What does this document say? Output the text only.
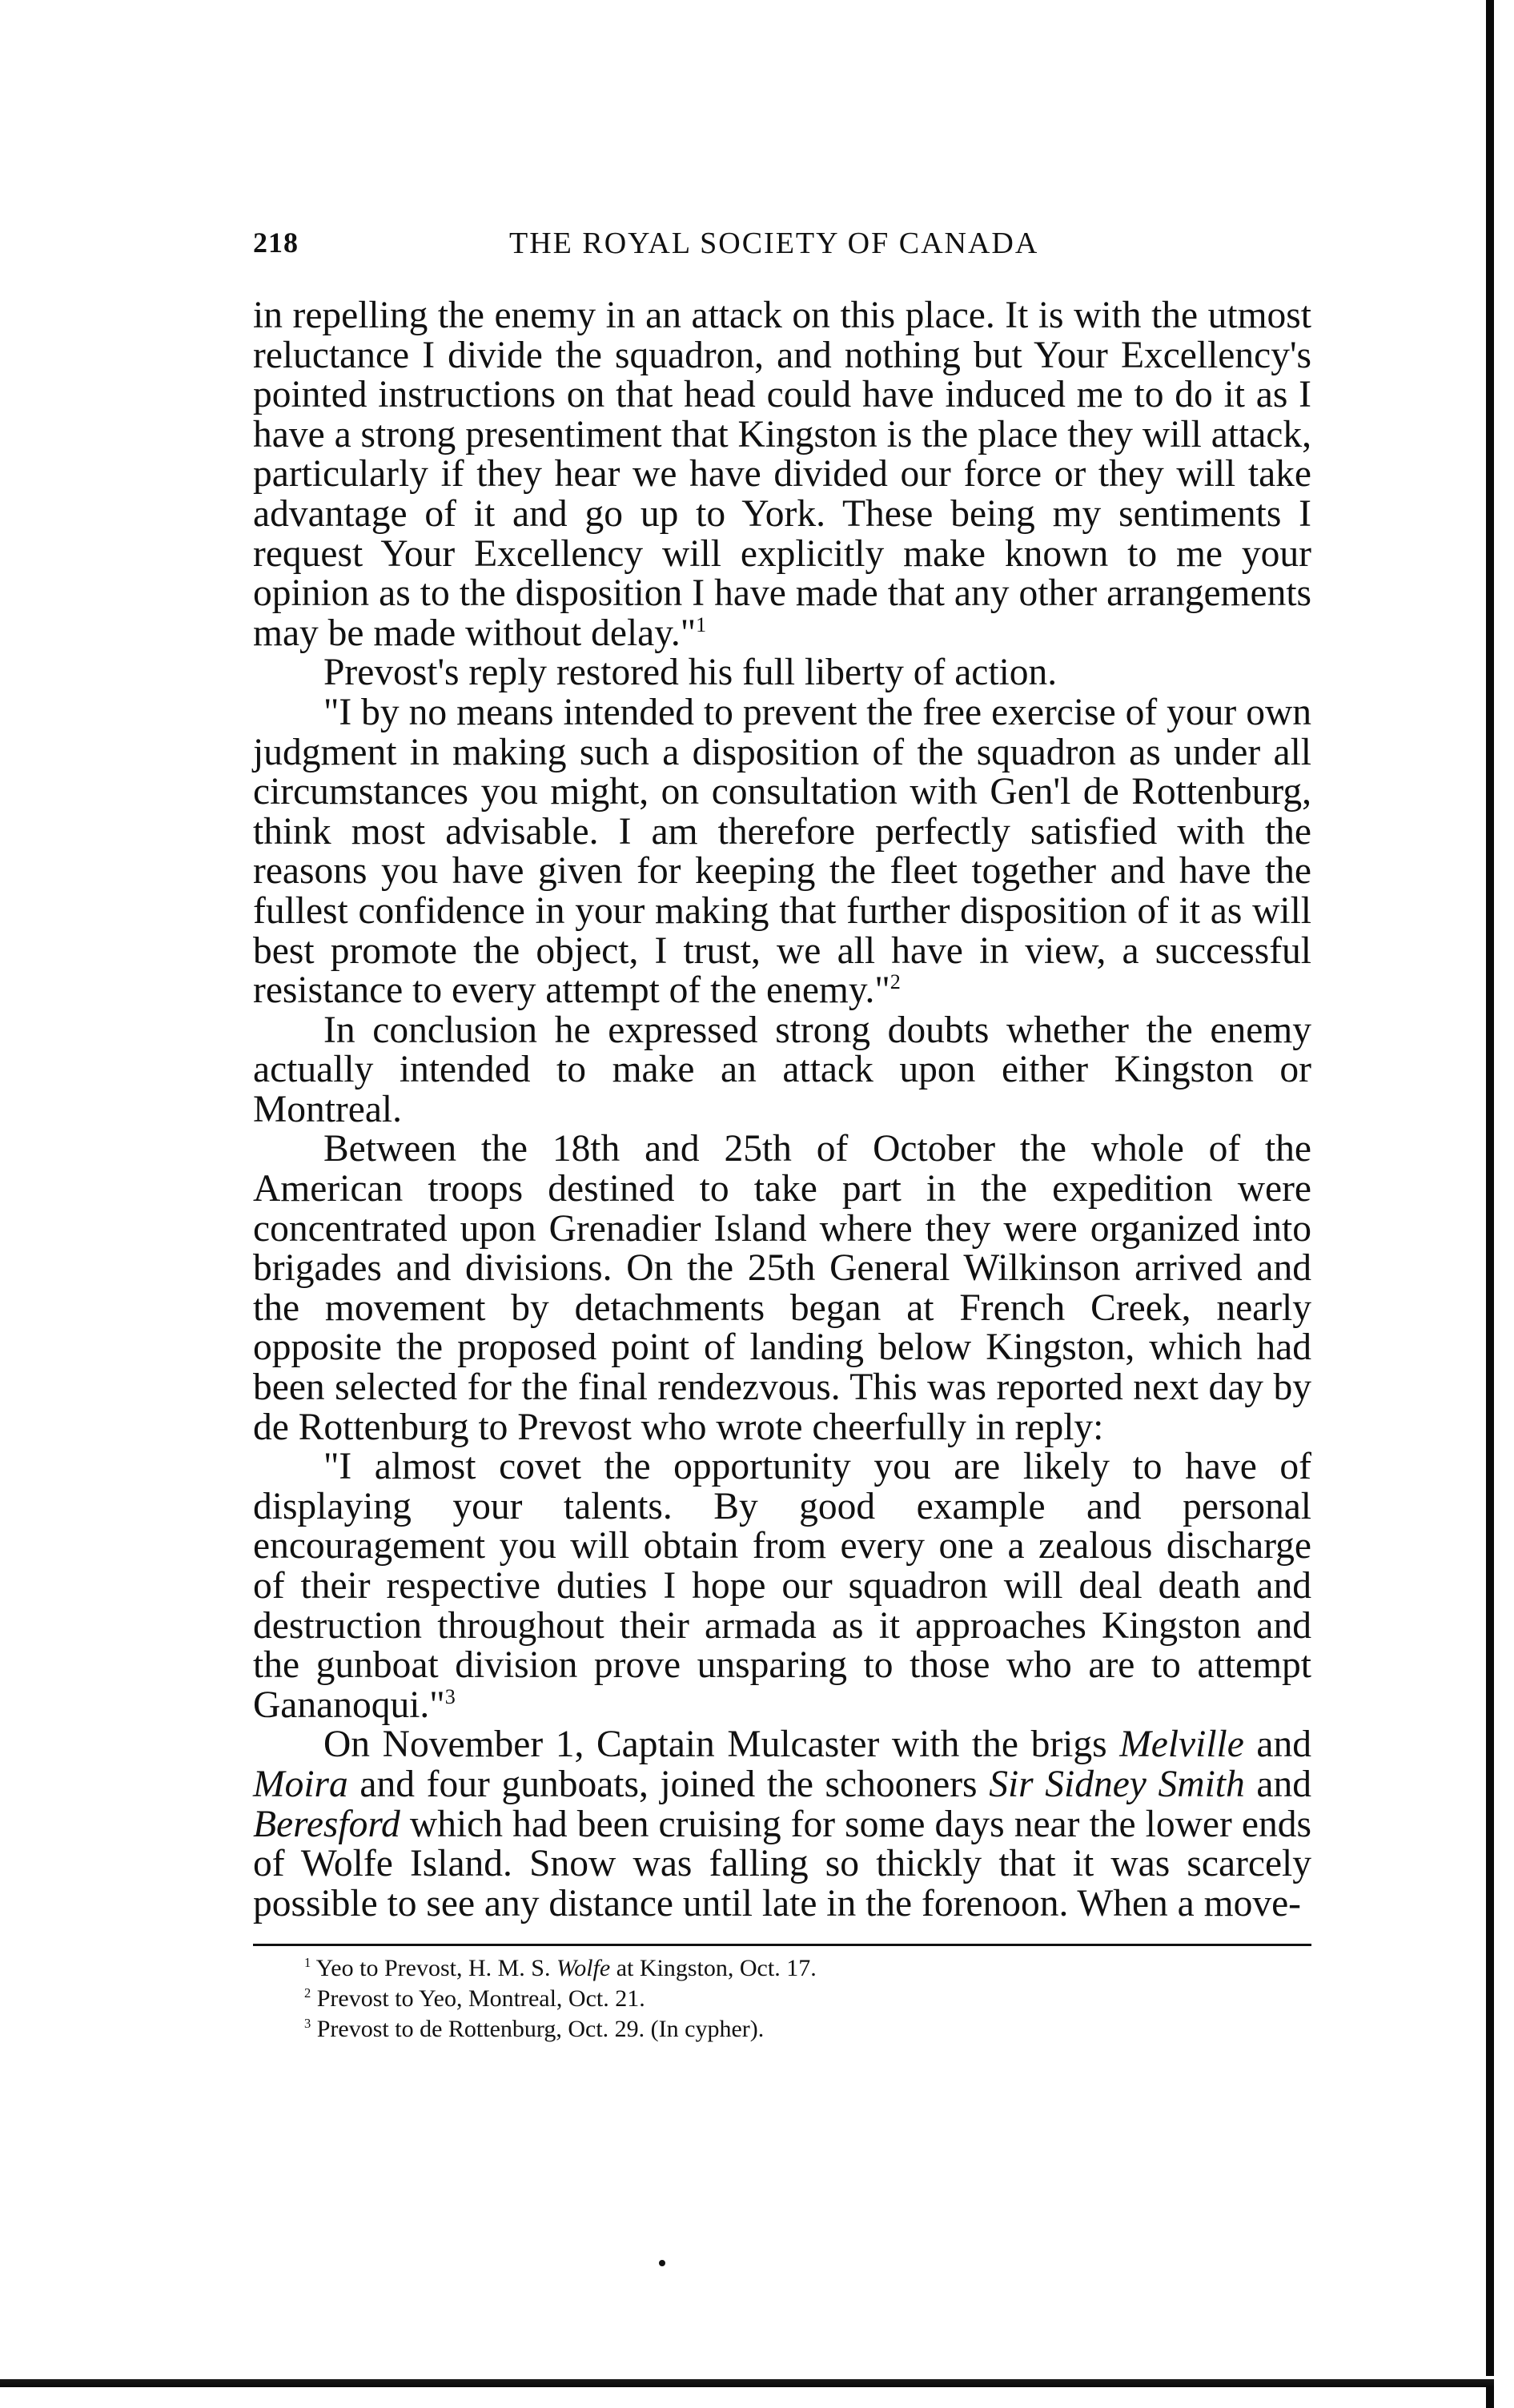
218	THE ROYAL SOCIETY OF CANADA

in repelling the enemy in an attack on this place. It is with the utmost reluctance I divide the squadron, and nothing but Your Excellency's pointed instructions on that head could have induced me to do it as I have a strong presentiment that Kingston is the place they will attack, particularly if they hear we have divided our force or they will take advantage of it and go up to York. These being my sentiments I request Your Excellency will explicitly make known to me your opinion as to the disposition I have made that any other arrangements may be made without delay."$^1$

Prevost's reply restored his full liberty of action.

"I by no means intended to prevent the free exercise of your own judgment in making such a disposition of the squadron as under all circumstances you might, on consultation with Gen'l de Rottenburg, think most advisable. I am therefore perfectly satisfied with the reasons you have given for keeping the fleet together and have the fullest confidence in your making that further disposition of it as will best promote the object, I trust, we all have in view, a successful resistance to every attempt of the enemy."$^2$

In conclusion he expressed strong doubts whether the enemy actually intended to make an attack upon either Kingston or Montreal.

Between the 18th and 25th of October the whole of the American troops destined to take part in the expedition were concentrated upon Grenadier Island where they were organized into brigades and divisions. On the 25th General Wilkinson arrived and the movement by detachments began at French Creek, nearly opposite the proposed point of landing below Kingston, which had been selected for the final rendezvous. This was reported next day by de Rottenburg to Prevost who wrote cheerfully in reply:

"I almost covet the opportunity you are likely to have of displaying your talents. By good example and personal encouragement you will obtain from every one a zealous discharge of their respective duties I hope our squadron will deal death and destruction throughout their armada as it approaches Kingston and the gunboat division prove unsparing to those who are to attempt Gananoqui."$^3$

On November 1, Captain Mulcaster with the brigs Melville and Moira and four gunboats, joined the schooners Sir Sidney Smith and Beresford which had been cruising for some days near the lower ends of Wolfe Island. Snow was falling so thickly that it was scarcely possible to see any distance until late in the forenoon. When a move-

$^1$ Yeo to Prevost, H. M. S. Wolfe at Kingston, Oct. 17.
$^2$ Prevost to Yeo, Montreal, Oct. 21.
$^3$ Prevost to de Rottenburg, Oct. 29. (In cypher).
